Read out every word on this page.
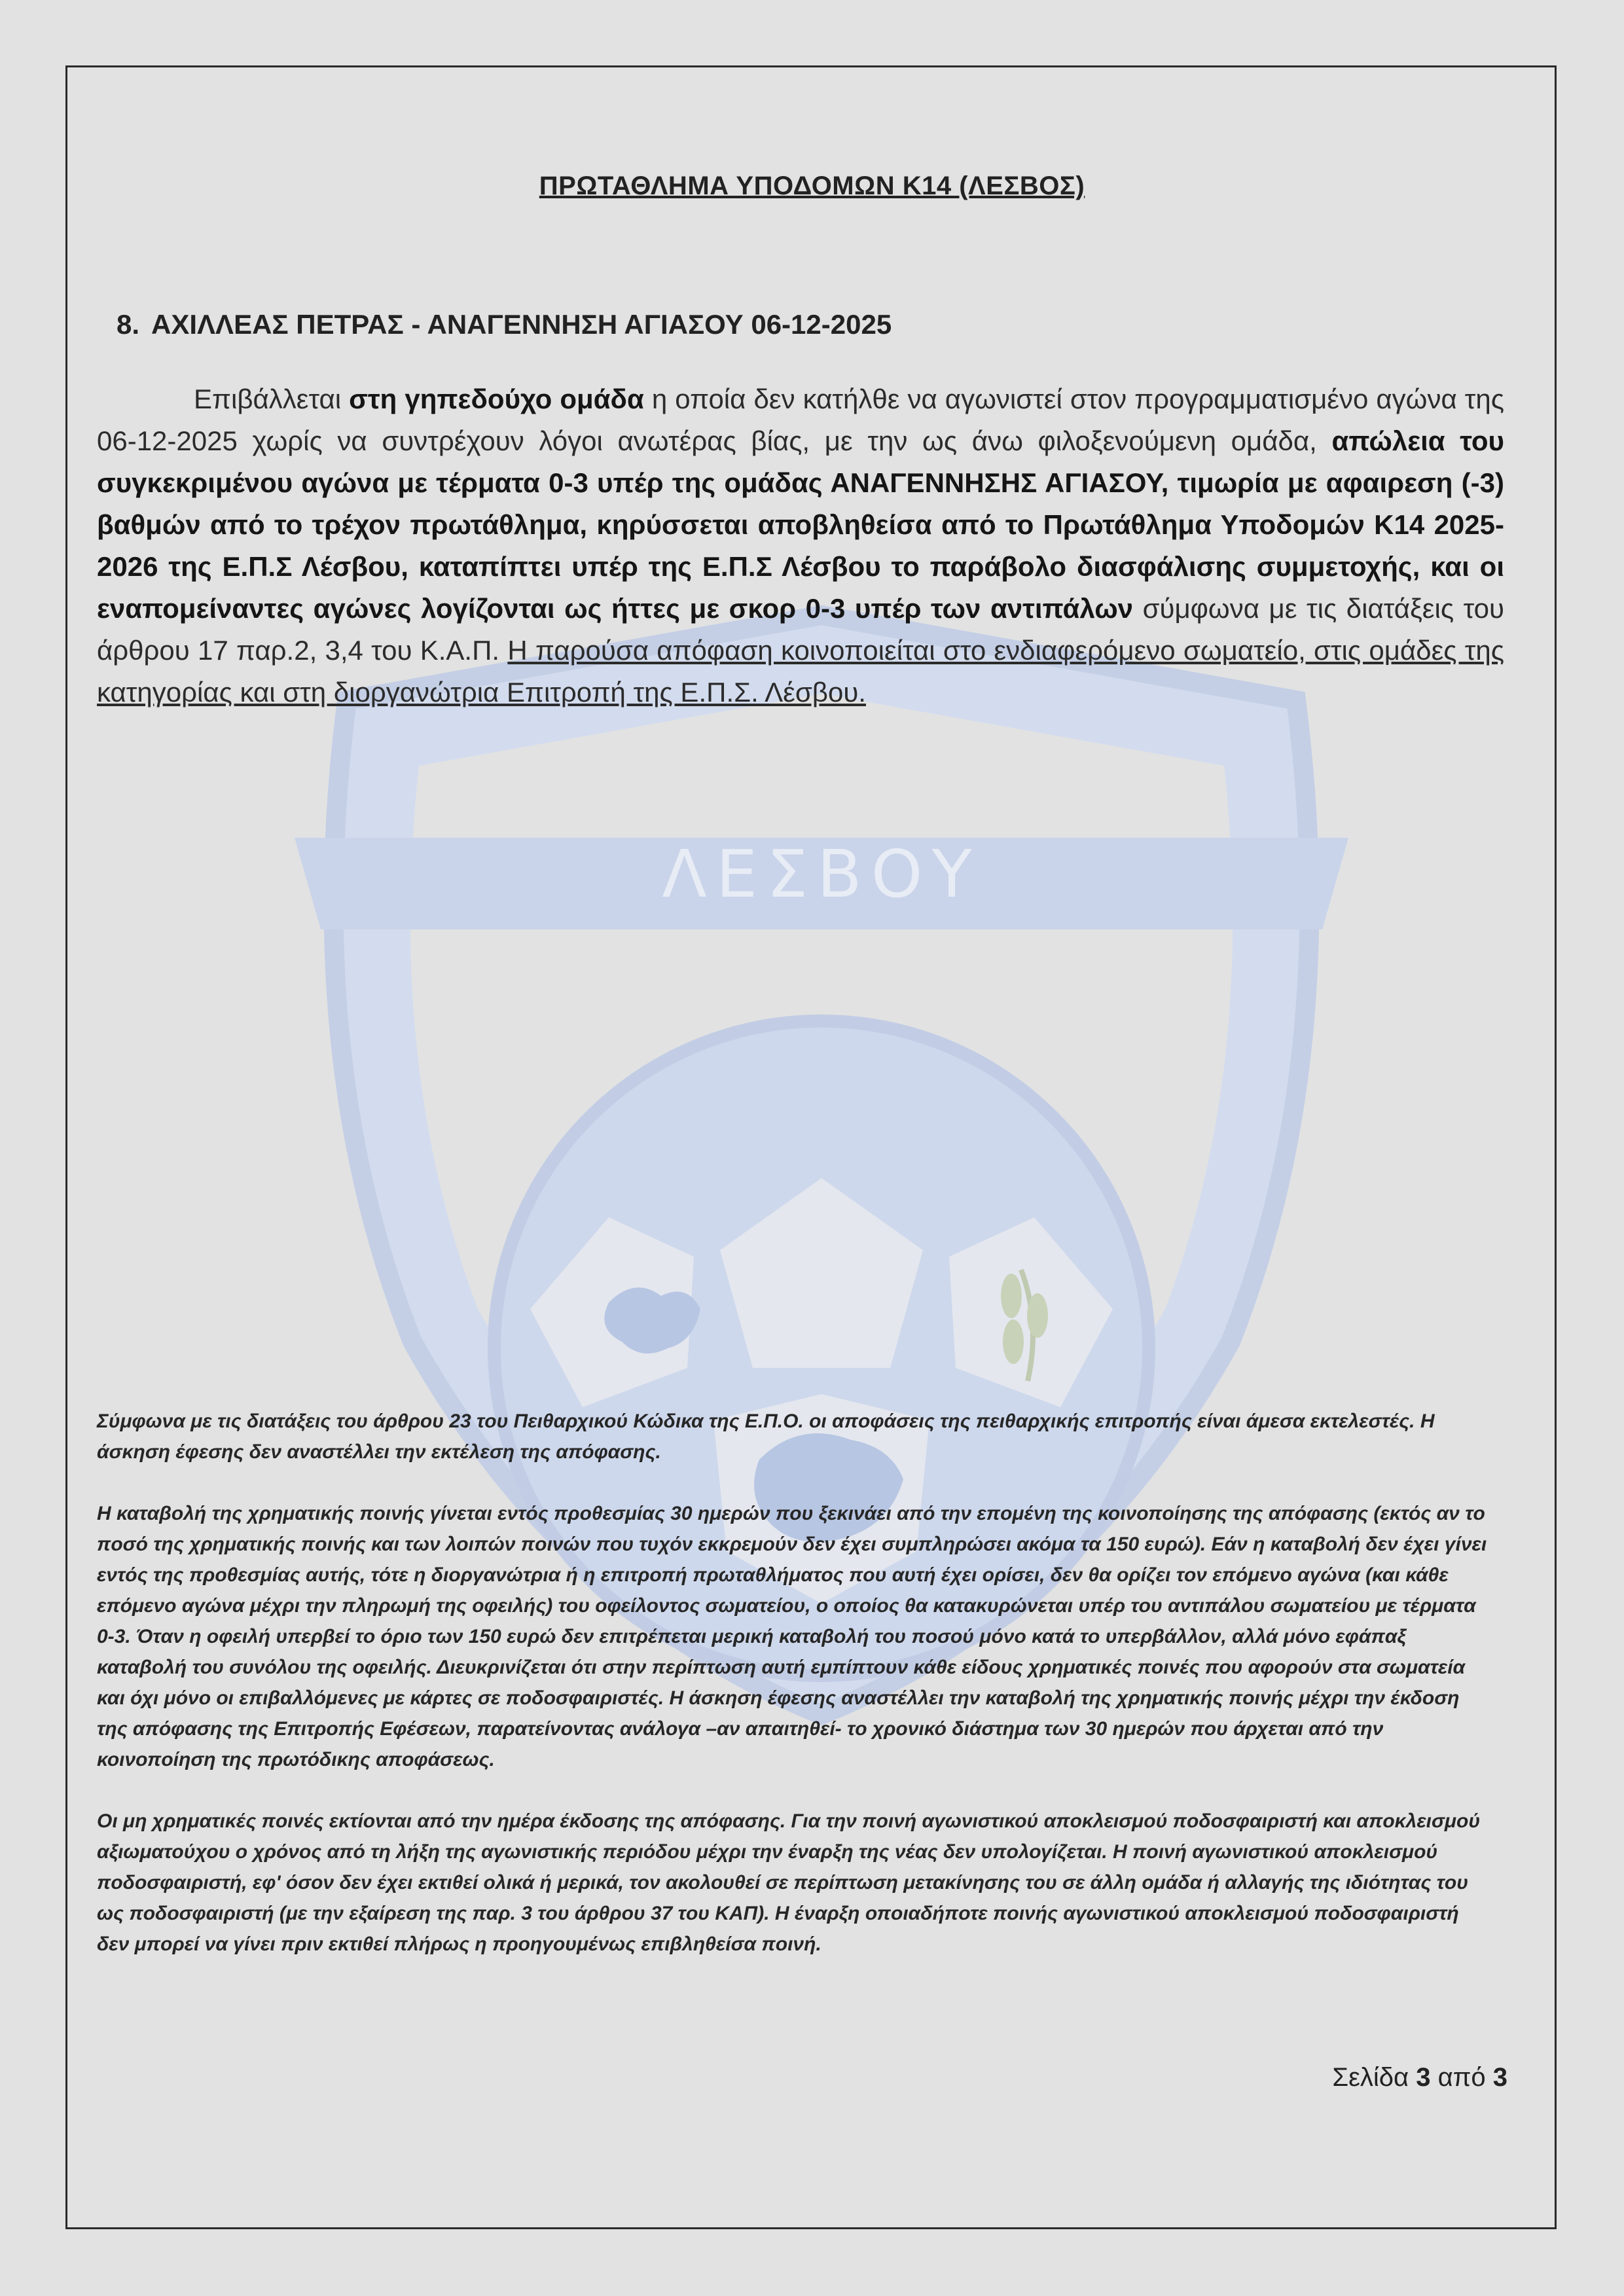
ΛΕΣΒΟΥ
ΠΡΩΤΑΘΛΗΜΑ ΥΠΟΔΟΜΩΝ Κ14 (ΛΕΣΒΟΣ)
8. ΑΧΙΛΛΕΑΣ ΠΕΤΡΑΣ - ΑΝΑΓΕΝΝΗΣΗ ΑΓΙΑΣΟΥ 06-12-2025

Επιβάλλεται στη γηπεδούχο ομάδα η οποία δεν κατήλθε να αγωνιστεί στον προγραμματισμένο αγώνα της 06-12-2025 χωρίς να συντρέχουν λόγοι ανωτέρας βίας, με την ως άνω φιλοξενούμενη ομάδα, απώλεια του συγκεκριμένου αγώνα με τέρματα 0-3 υπέρ της ομάδας ΑΝΑΓΕΝΝΗΣΗΣ ΑΓΙΑΣΟΥ, τιμωρία με αφαιρεση (-3) βαθμών από το τρέχον πρωτάθλημα, κηρύσσεται αποβληθείσα από το Πρωτάθλημα Υποδομών Κ14 2025-2026 της Ε.Π.Σ Λέσβου, καταπίπτει υπέρ της Ε.Π.Σ Λέσβου το παράβολο διασφάλισης συμμετοχής, και οι εναπομείναντες αγώνες λογίζονται ως ήττες με σκορ 0-3 υπέρ των αντιπάλων σύμφωνα με τις διατάξεις του άρθρου 17 παρ.2, 3,4 του Κ.Α.Π. Η παρούσα απόφαση κοινοποιείται στο ενδιαφερόμενο σωματείο, στις ομάδες της κατηγορίας και στη διοργανώτρια Επιτροπή της Ε.Π.Σ. Λέσβου.

Σύμφωνα με τις διατάξεις του άρθρου 23 του Πειθαρχικού Κώδικα της Ε.Π.Ο. οι αποφάσεις της πειθαρχικής επιτροπής είναι άμεσα εκτελεστές. Η άσκηση έφεσης δεν αναστέλλει την εκτέλεση της απόφασης.

Η καταβολή της χρηματικής ποινής γίνεται εντός προθεσμίας 30 ημερών που ξεκινάει από την επομένη της κοινοποίησης της απόφασης (εκτός αν το ποσό της χρηματικής ποινής και των λοιπών ποινών που τυχόν εκκρεμούν δεν έχει συμπληρώσει ακόμα τα 150 ευρώ). Εάν η καταβολή δεν έχει γίνει εντός της προθεσμίας αυτής, τότε η διοργανώτρια ή η επιτροπή πρωταθλήματος που αυτή έχει ορίσει, δεν θα ορίζει τον επόμενο αγώνα (και κάθε επόμενο αγώνα μέχρι την πληρωμή της οφειλής) του οφείλοντος σωματείου, ο οποίος θα κατακυρώνεται υπέρ του αντιπάλου σωματείου με τέρματα 0-3. Όταν η οφειλή υπερβεί το όριο των 150 ευρώ δεν επιτρέπεται μερική καταβολή του ποσού μόνο κατά το υπερβάλλον, αλλά μόνο εφάπαξ καταβολή του συνόλου της οφειλής. Διευκρινίζεται ότι στην περίπτωση αυτή εμπίπτουν κάθε είδους χρηματικές ποινές που αφορούν στα σωματεία και όχι μόνο οι επιβαλλόμενες με κάρτες σε ποδοσφαιριστές. Η άσκηση έφεσης αναστέλλει την καταβολή της χρηματικής ποινής μέχρι την έκδοση της απόφασης της Επιτροπής Εφέσεων, παρατείνοντας ανάλογα –αν απαιτηθεί- το χρονικό διάστημα των 30 ημερών που άρχεται από την κοινοποίηση της πρωτόδικης αποφάσεως.

Οι μη χρηματικές ποινές εκτίονται από την ημέρα έκδοσης της απόφασης. Για την ποινή αγωνιστικού αποκλεισμού ποδοσφαιριστή και αποκλεισμού αξιωματούχου ο χρόνος από τη λήξη της αγωνιστικής περιόδου μέχρι την έναρξη της νέας δεν υπολογίζεται. Η ποινή αγωνιστικού αποκλεισμού ποδοσφαιριστή, εφ' όσον δεν έχει εκτιθεί ολικά ή μερικά, τον ακολουθεί σε περίπτωση μετακίνησης του σε άλλη ομάδα ή αλλαγής της ιδιότητας του ως ποδοσφαιριστή (με την εξαίρεση της παρ. 3 του άρθρου 37 του ΚΑΠ). Η έναρξη οποιαδήποτε ποινής αγωνιστικού αποκλεισμού ποδοσφαιριστή δεν μπορεί να γίνει πριν εκτιθεί πλήρως η προηγουμένως επιβληθείσα ποινή.

Σελίδα 3 από 3
